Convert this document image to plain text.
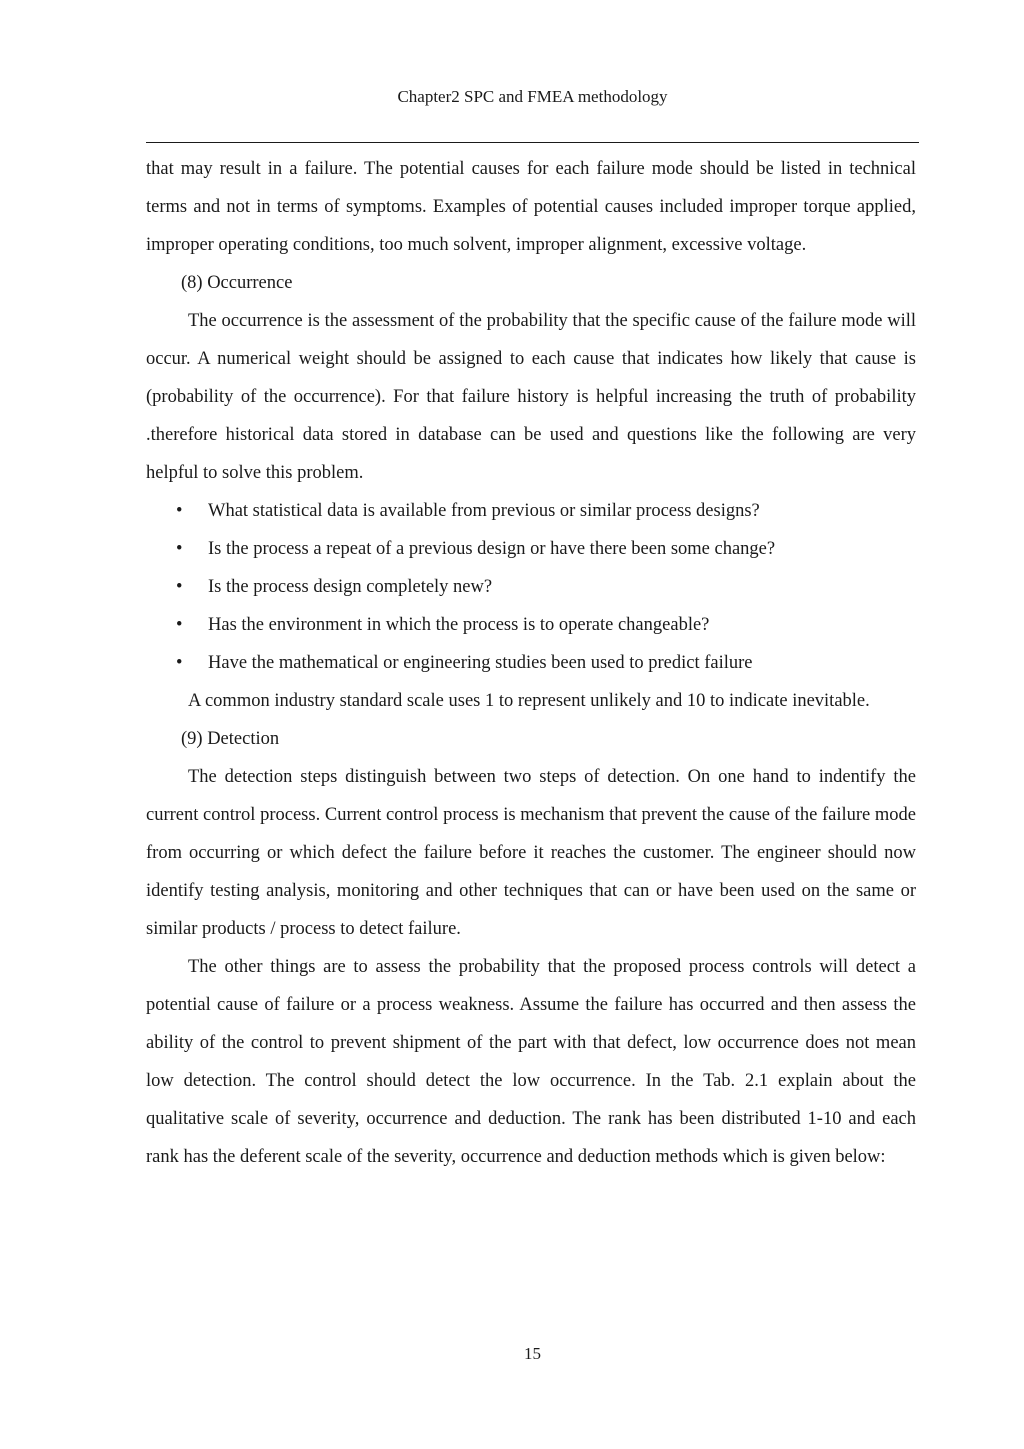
Chapter2 SPC and FMEA methodology

that may result in a failure. The potential causes for each failure mode should be listed in technical terms and not in terms of symptoms. Examples of potential causes included improper torque applied, improper operating conditions, too much solvent, improper alignment, excessive voltage.

(8) Occurrence

The occurrence is the assessment of the probability that the specific cause of the failure mode will occur. A numerical weight should be assigned to each cause that indicates how likely that cause is (probability of the occurrence). For that failure history is helpful increasing the truth of probability .therefore historical data stored in database can be used and questions like the following are very helpful to solve this problem.

• What statistical data is available from previous or similar process designs?
• Is the process a repeat of a previous design or have there been some change?
• Is the process design completely new?
• Has the environment in which the process is to operate changeable?
• Have the mathematical or engineering studies been used to predict failure

A common industry standard scale uses 1 to represent unlikely and 10 to indicate inevitable.

(9) Detection

The detection steps distinguish between two steps of detection. On one hand to indentify the current control process. Current control process is mechanism that prevent the cause of the failure mode from occurring or which defect the failure before it reaches the customer. The engineer should now identify testing analysis, monitoring and other techniques that can or have been used on the same or similar products / process to detect failure.

The other things are to assess the probability that the proposed process controls will detect a potential cause of failure or a process weakness. Assume the failure has occurred and then assess the ability of the control to prevent shipment of the part with that defect, low occurrence does not mean low detection. The control should detect the low occurrence. In the Tab. 2.1 explain about the qualitative scale of severity, occurrence and deduction. The rank has been distributed 1-10 and each rank has the deferent scale of the severity, occurrence and deduction methods which is given below:

15
